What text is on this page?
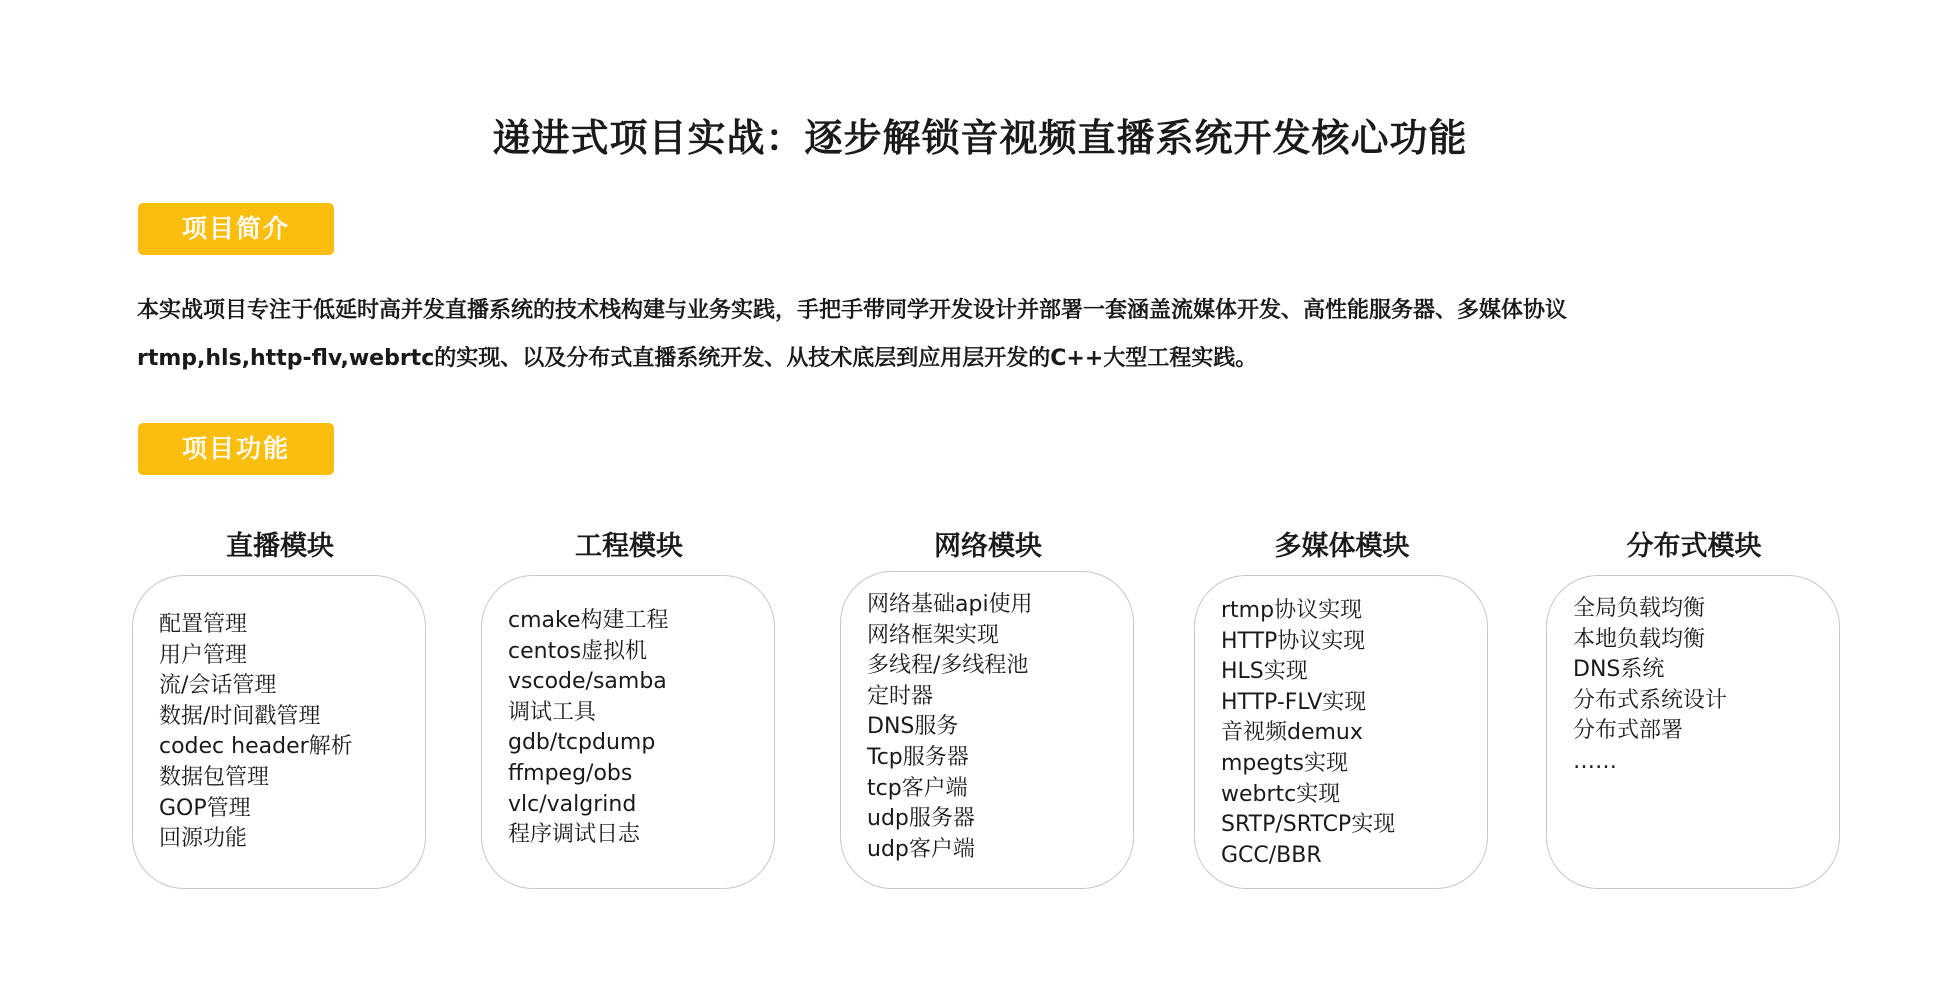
递进式项目实战：逐步解锁音视频直播系统开发核心功能
项目简介

本实战项目专注于低延时高并发直播系统的技术栈构建与业务实践，手把手带同学开发设计并部署一套涵盖流媒体开发、高性能服务器、多媒体协议
rtmp,hls,http-flv,webrtc的实现、以及分布式直播系统开发、从技术底层到应用层开发的C++大型工程实践。

项目功能
直播模块
配置管理
用户管理
流/会话管理
数据/时间戳管理
codec header解析
数据包管理
GOP管理
回源功能
工程模块
cmake构建工程
centos虚拟机
vscode/samba
调试工具
gdb/tcpdump
ffmpeg/obs
vlc/valgrind
程序调试日志
网络模块
网络基础api使用
网络框架实现
多线程/多线程池
定时器
DNS服务
Tcp服务器
tcp客户端
udp服务器
udp客户端
多媒体模块
rtmp协议实现
HTTP协议实现
HLS实现
HTTP-FLV实现
音视频demux
mpegts实现
webrtc实现
SRTP/SRTCP实现
GCC/BBR
分布式模块
全局负载均衡
本地负载均衡
DNS系统
分布式系统设计
分布式部署
……
